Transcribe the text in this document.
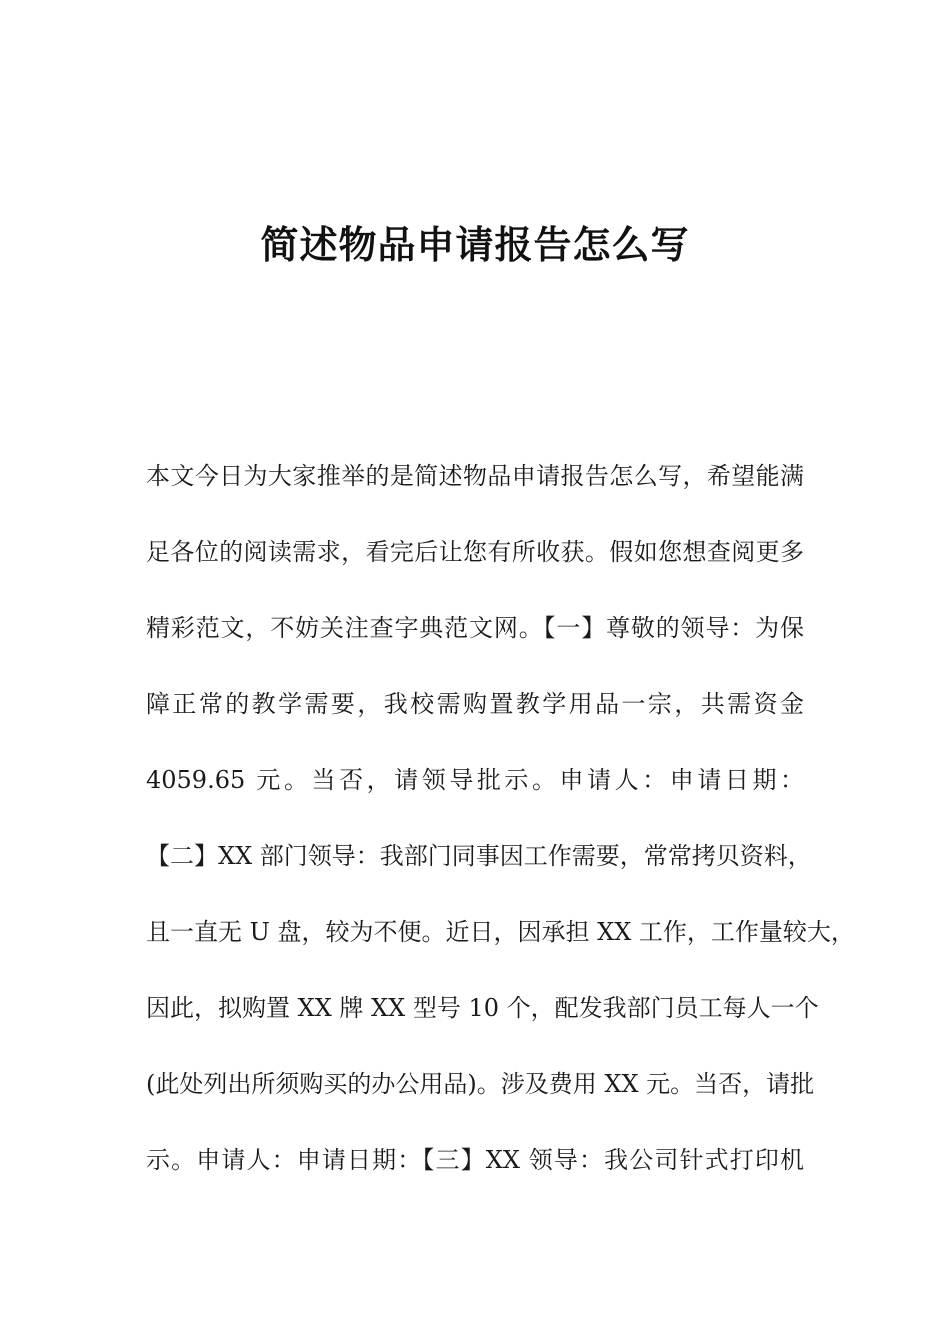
简述物品申请报告怎么写
本文今日为大家推举的是简述物品申请报告怎么写，希望能满
足各位的阅读需求，看完后让您有所收获。假如您想查阅更多
精彩范文，不妨关注查字典范文网。【一】尊敬的领导：为保
障正常的教学需要，我校需购置教学用品一宗，共需资金
4059.65 元。当否，请领导批示。申请人：申请日期：
【二】XX 部门领导：我部门同事因工作需要，常常拷贝资料，
且一直无 U 盘，较为不便。近日，因承担 XX 工作，工作量较大，
因此，拟购置 XX 牌 XX 型号 10 个，配发我部门员工每人一个
(此处列出所须购买的办公用品)。涉及费用 XX 元。当否，请批
示。申请人：申请日期：【三】XX 领导：我公司针式打印机
